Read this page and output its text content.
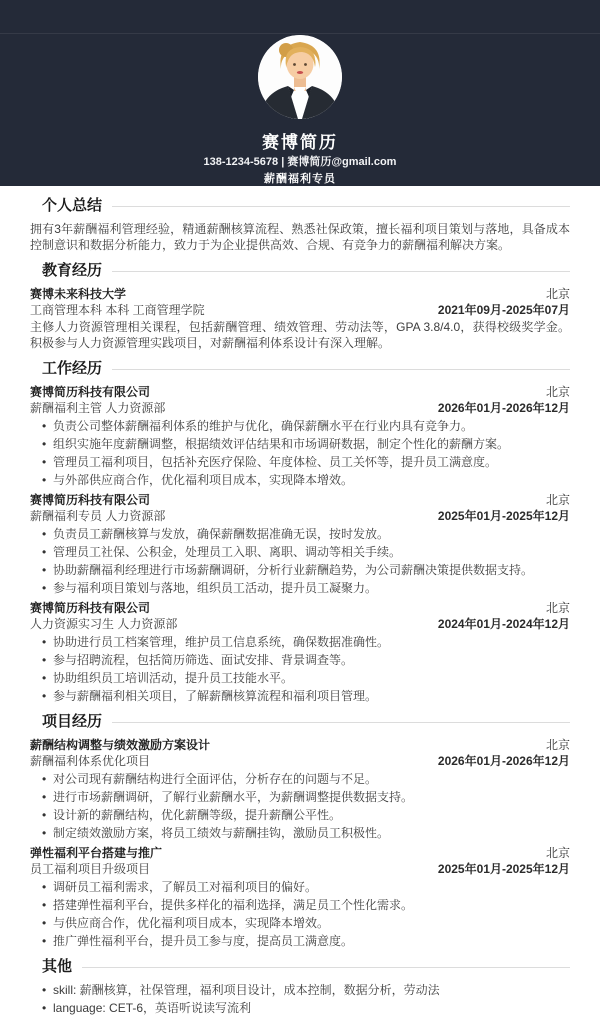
赛博简历
138-1234-5678 | 赛博简历@gmail.com
薪酬福利专员
个人总结

拥有3年薪酬福利管理经验，精通薪酬核算流程、熟悉社保政策，擅长福利项目策划与落地，具备成本控制意识和数据分析能力，致力于为企业提供高效、合规、有竞争力的薪酬福利解决方案。

教育经历
赛博未来科技大学	北京
工商管理本科 本科 工商管理学院	2021年09月-2025年07月

主修人力资源管理相关课程，包括薪酬管理、绩效管理、劳动法等，GPA 3.8/4.0，获得校级奖学金。积极参与人力资源管理实践项目，对薪酬福利体系设计有深入理解。

工作经历
赛博简历科技有限公司	北京
薪酬福利主管 人力资源部	2026年01月-2026年12月
• 负责公司整体薪酬福利体系的维护与优化，确保薪酬水平在行业内具有竞争力。
• 组织实施年度薪酬调整，根据绩效评估结果和市场调研数据，制定个性化的薪酬方案。
• 管理员工福利项目，包括补充医疗保险、年度体检、员工关怀等，提升员工满意度。
• 与外部供应商合作，优化福利项目成本，实现降本增效。
赛博简历科技有限公司	北京
薪酬福利专员 人力资源部	2025年01月-2025年12月
• 负责员工薪酬核算与发放，确保薪酬数据准确无误，按时发放。
• 管理员工社保、公积金，处理员工入职、离职、调动等相关手续。
• 协助薪酬福利经理进行市场薪酬调研，分析行业薪酬趋势，为公司薪酬决策提供数据支持。
• 参与福利项目策划与落地，组织员工活动，提升员工凝聚力。
赛博简历科技有限公司	北京
人力资源实习生 人力资源部	2024年01月-2024年12月
• 协助进行员工档案管理，维护员工信息系统，确保数据准确性。
• 参与招聘流程，包括简历筛选、面试安排、背景调查等。
• 协助组织员工培训活动，提升员工技能水平。
• 参与薪酬福利相关项目，了解薪酬核算流程和福利项目管理。
项目经历
薪酬结构调整与绩效激励方案设计	北京
薪酬福利体系优化项目	2026年01月-2026年12月
• 对公司现有薪酬结构进行全面评估，分析存在的问题与不足。
• 进行市场薪酬调研，了解行业薪酬水平，为薪酬调整提供数据支持。
• 设计新的薪酬结构，优化薪酬等级，提升薪酬公平性。
• 制定绩效激励方案，将员工绩效与薪酬挂钩，激励员工积极性。
弹性福利平台搭建与推广	北京
员工福利项目升级项目	2025年01月-2025年12月
• 调研员工福利需求，了解员工对福利项目的偏好。
• 搭建弹性福利平台，提供多样化的福利选择，满足员工个性化需求。
• 与供应商合作，优化福利项目成本，实现降本增效。
• 推广弹性福利平台，提升员工参与度，提高员工满意度。
其他
• skill: 薪酬核算，社保管理，福利项目设计，成本控制，数据分析，劳动法
• language: CET-6，英语听说读写流利
